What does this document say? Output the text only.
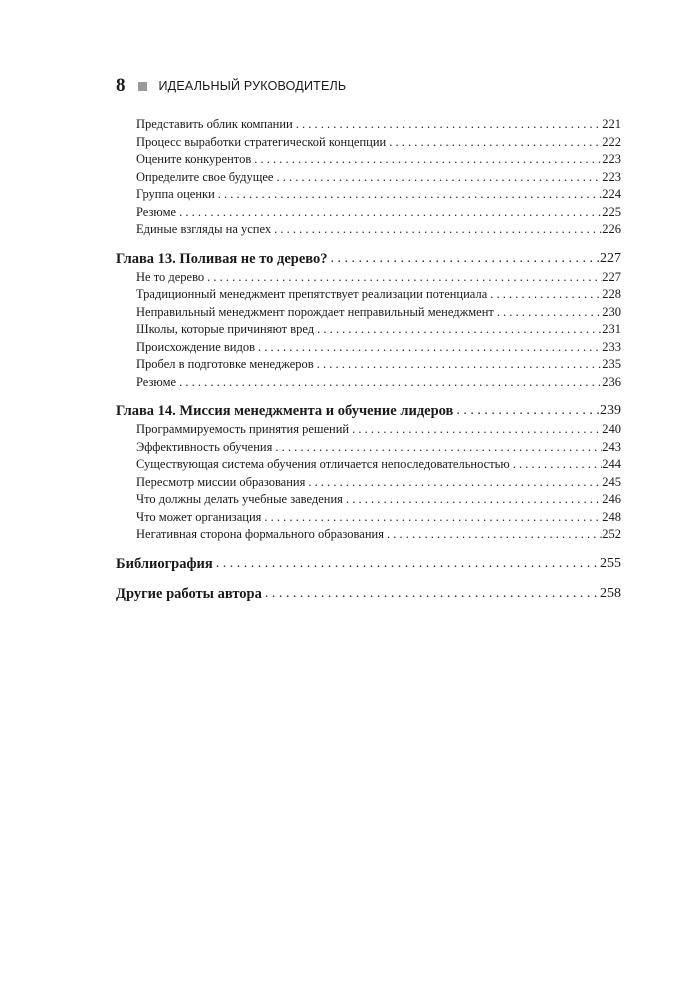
8	ИДЕАЛЬНЫЙ РУКОВОДИТЕЛЬ
Представить облик компании . . .	221
Процесс выработки стратегической концепции . . .	222
Оцените конкурентов . . .	223
Определите свое будущее . . .	223
Группа оценки . . .	224
Резюме . . .	225
Единые взгляды на успех . . .	226
Глава 13. Поливая не то дерево? . . .	227
Не то дерево . . .	227
Традиционный менеджмент препятствует реализации потенциала . . .	228
Неправильный менеджмент порождает неправильный менеджмент . . .	230
Школы, которые причиняют вред . . .	231
Происхождение видов . . .	233
Пробел в подготовке менеджеров . . .	235
Резюме . . .	236
Глава 14. Миссия менеджмента и обучение лидеров . . .	239
Программируемость принятия решений . . .	240
Эффективность обучения . . .	243
Существующая система обучения отличается непоследовательностью . . .	244
Пересмотр миссии образования . . .	245
Что должны делать учебные заведения . . .	246
Что может организация . . .	248
Негативная сторона формального образования . . .	252
Библиография . . .	255
Другие работы автора . . .	258
